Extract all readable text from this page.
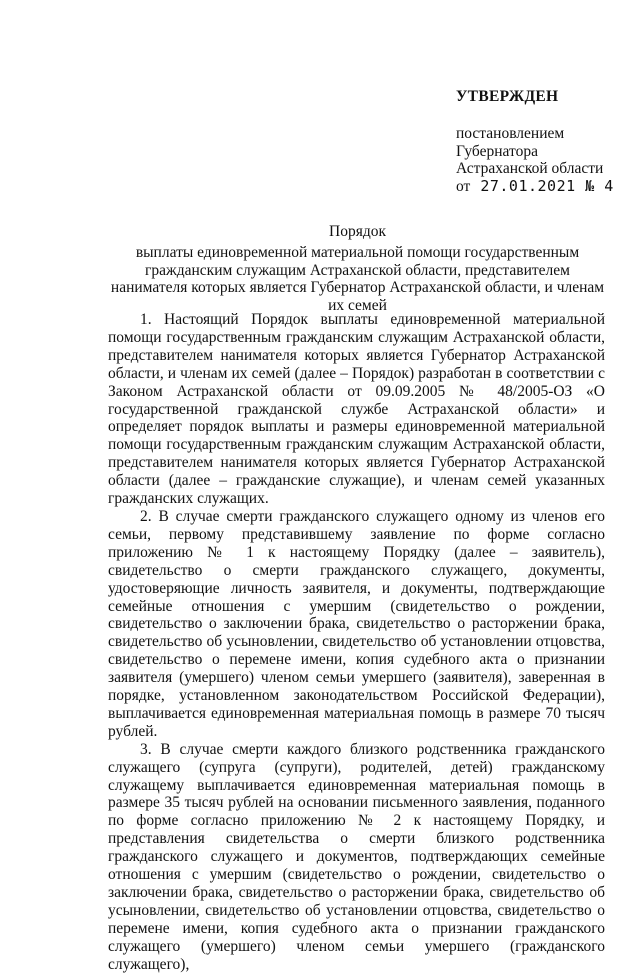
УТВЕРЖДЕН

постановлением

Губернатора

Астраханской области

от 27.01.2021 № 4

Порядок

выплаты единовременной материальной помощи государственным гражданским служащим Астраханской области, представителем нанимателя которых является Губернатор Астраханской области, и членам их семей

1. Настоящий Порядок выплаты единовременной материальной помощи государственным гражданским служащим Астраханской области, представителем нанимателя которых является Губернатор Астраханской области, и членам их семей (далее – Порядок) разработан в соответствии с Законом Астраханской области от 09.09.2005 № 48/2005-ОЗ «О государственной гражданской службе Астраханской области» и определяет порядок выплаты и размеры единовременной материальной помощи государственным гражданским служащим Астраханской области, представителем нанимателя которых является Губернатор Астраханской области (далее – гражданские служащие), и членам семей указанных гражданских служащих.

2. В случае смерти гражданского служащего одному из членов его семьи, первому представившему заявление по форме согласно приложению № 1 к настоящему Порядку (далее – заявитель), свидетельство о смерти гражданского служащего, документы, удостоверяющие личность заявителя, и документы, подтверждающие семейные отношения с умершим (свидетельство о рождении, свидетельство о заключении брака, свидетельство о расторжении брака, свидетельство об усыновлении, свидетельство об установлении отцовства, свидетельство о перемене имени, копия судебного акта о признании заявителя (умершего) членом семьи умершего (заявителя), заверенная в порядке, установленном законодательством Российской Федерации), выплачивается единовременная материальная помощь в размере 70 тысяч рублей.

3. В случае смерти каждого близкого родственника гражданского служащего (супруга (супруги), родителей, детей) гражданскому служащему выплачивается единовременная материальная помощь в размере 35 тысяч рублей на основании письменного заявления, поданного по форме согласно приложению № 2 к настоящему Порядку, и представления свидетельства о смерти близкого родственника гражданского служащего и документов, подтверждающих семейные отношения с умершим (свидетельство о рождении, свидетельство о заключении брака, свидетельство о расторжении брака, свидетельство об усыновлении, свидетельство об установлении отцовства, свидетельство о перемене имени, копия судебного акта о признании гражданского служащего (умершего) членом семьи умершего (гражданского служащего),
